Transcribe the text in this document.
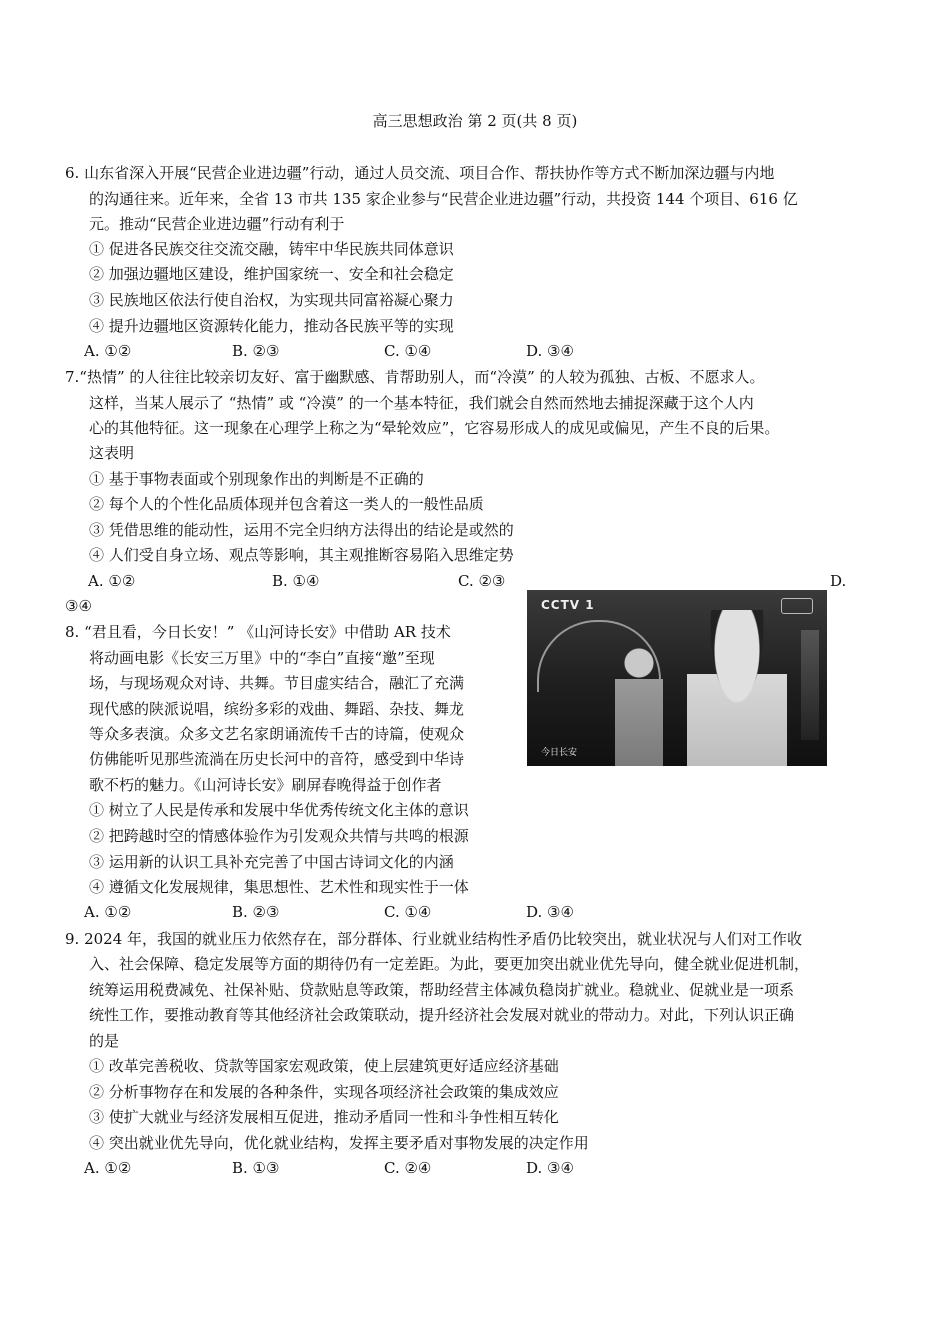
高三思想政治 第 2 页(共 8 页)
6. 山东省深入开展“民营企业进边疆”行动，通过人员交流、项目合作、帮扶协作等方式不断加深边疆与内地
的沟通往来。近年来，全省 13 市共 135 家企业参与“民营企业进边疆”行动，共投资 144 个项目、616 亿
元。推动“民营企业进边疆”行动有利于
① 促进各民族交往交流交融，铸牢中华民族共同体意识
② 加强边疆地区建设，维护国家统一、安全和社会稳定
③ 民族地区依法行使自治权，为实现共同富裕凝心聚力
④ 提升边疆地区资源转化能力，推动各民族平等的实现
A. ①②	B. ②③	C. ①④	D. ③④
7.“热情” 的人往往比较亲切友好、富于幽默感、肯帮助别人，而“冷漠” 的人较为孤独、古板、不愿求人。
这样，当某人展示了 “热情” 或 “冷漠” 的一个基本特征，我们就会自然而然地去捕捉深藏于这个人内
心的其他特征。这一现象在心理学上称之为“晕轮效应”，它容易形成人的成见或偏见，产生不良的后果。
这表明
① 基于事物表面或个别现象作出的判断是不正确的
② 每个人的个性化品质体现并包含着这一类人的一般性品质
③ 凭借思维的能动性，运用不完全归纳方法得出的结论是或然的
④ 人们受自身立场、观点等影响，其主观推断容易陷入思维定势
A. ①②	B. ①④	C. ②③	D.
③④
8. “君且看，今日长安！” 《山河诗长安》中借助 AR 技术
将动画电影《长安三万里》中的“李白”直接“邀”至现
场，与现场观众对诗、共舞。节目虚实结合，融汇了充满
现代感的陕派说唱，缤纷多彩的戏曲、舞蹈、杂技、舞龙
等众多表演。众多文艺名家朗诵流传千古的诗篇，使观众
仿佛能听见那些流淌在历史长河中的音符，感受到中华诗
歌不朽的魅力。《山河诗长安》刷屏春晚得益于创作者
CCTV 1
今日长安
① 树立了人民是传承和发展中华优秀传统文化主体的意识
② 把跨越时空的情感体验作为引发观众共情与共鸣的根源
③ 运用新的认识工具补充完善了中国古诗词文化的内涵
④ 遵循文化发展规律，集思想性、艺术性和现实性于一体
A. ①②	B. ②③	C. ①④	D. ③④
9. 2024 年，我国的就业压力依然存在，部分群体、行业就业结构性矛盾仍比较突出，就业状况与人们对工作收
入、社会保障、稳定发展等方面的期待仍有一定差距。为此，要更加突出就业优先导向，健全就业促进机制，
统筹运用税费减免、社保补贴、贷款贴息等政策，帮助经营主体减负稳岗扩就业。稳就业、促就业是一项系
统性工作，要推动教育等其他经济社会政策联动，提升经济社会发展对就业的带动力。对此，下列认识正确
的是
① 改革完善税收、贷款等国家宏观政策，使上层建筑更好适应经济基础
② 分析事物存在和发展的各种条件，实现各项经济社会政策的集成效应
③ 使扩大就业与经济发展相互促进，推动矛盾同一性和斗争性相互转化
④ 突出就业优先导向，优化就业结构，发挥主要矛盾对事物发展的决定作用
A. ①②	B. ①③	C. ②④	D. ③④
